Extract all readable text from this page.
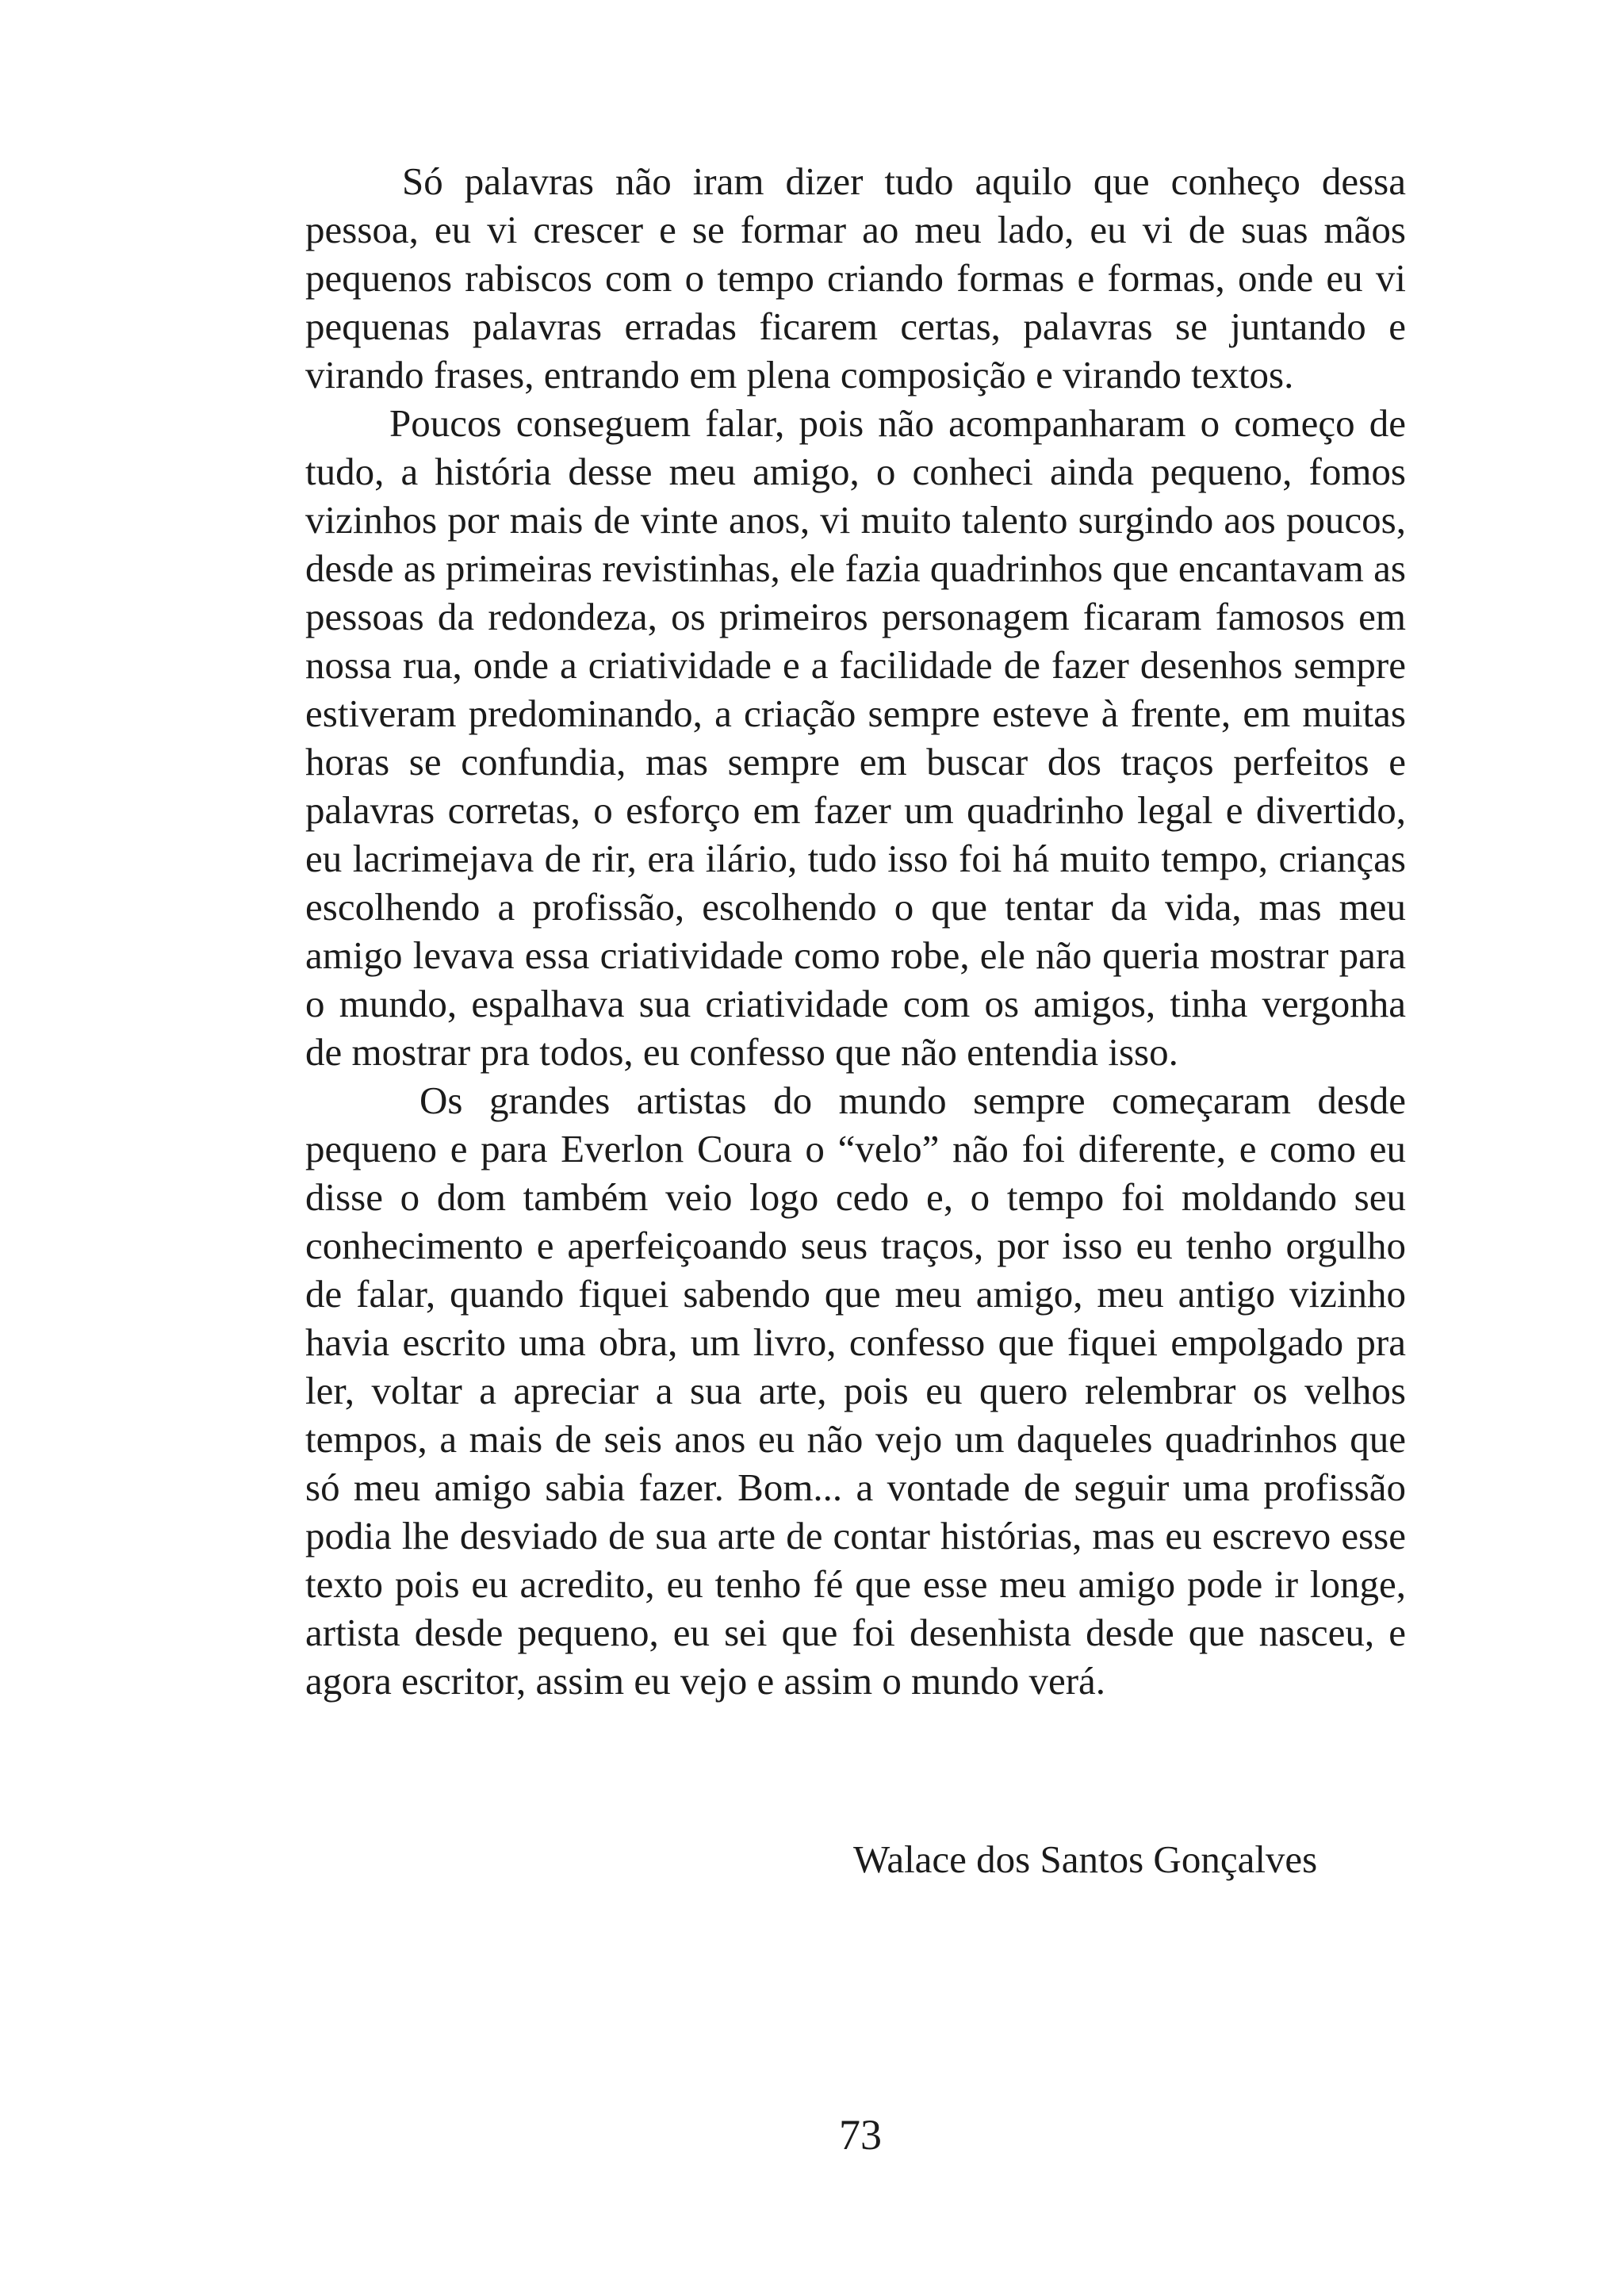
Só palavras não iram dizer tudo aquilo que conheço dessa pessoa, eu vi crescer e se formar ao meu lado, eu vi de suas mãos pequenos rabiscos com o tempo criando formas e formas, onde eu vi pequenas palavras erradas ficarem certas, palavras se juntando e virando frases, entrando em plena composição e virando textos.

Poucos conseguem falar, pois não acompanharam o começo de tudo, a história desse meu amigo, o conheci ainda pequeno, fomos vizinhos por mais de vinte anos, vi muito talento surgindo aos poucos, desde as primeiras revistinhas, ele fazia quadrinhos que encantavam as pessoas da redondeza, os primeiros personagem ficaram famosos em nossa rua, onde a criatividade e a facilidade de fazer desenhos sempre estiveram predominando, a criação sempre esteve à frente, em muitas horas se confundia, mas sempre em buscar dos traços perfeitos e palavras corretas, o esforço em fazer um quadrinho legal e divertido, eu lacrimejava de rir, era ilário, tudo isso foi há muito tempo, crianças escolhendo a profissão, escolhendo o que tentar da vida, mas meu amigo levava essa criatividade como robe, ele não queria mostrar para o mundo, espalhava sua criatividade com os amigos, tinha vergonha de mostrar pra todos, eu confesso que não entendia isso.

Os grandes artistas do mundo sempre começaram desde pequeno e para Everlon Coura o “velo” não foi diferente, e como eu disse o dom também veio logo cedo e, o tempo foi moldando seu conhecimento e aperfeiçoando seus traços, por isso eu tenho orgulho de falar, quando fiquei sabendo que meu amigo, meu antigo vizinho havia escrito uma obra, um livro, confesso que fiquei empolgado pra ler, voltar a apreciar a sua arte, pois eu quero relembrar os velhos tempos, a mais de seis anos eu não vejo um daqueles quadrinhos que só meu amigo sabia fazer. Bom... a vontade de seguir uma profissão podia lhe desviado de sua arte de contar histórias, mas eu escrevo esse texto pois eu acredito, eu tenho fé que esse meu amigo pode ir longe, artista desde pequeno, eu sei que foi desenhista desde que nasceu, e agora escritor, assim eu vejo e assim o mundo verá.

Walace dos Santos Gonçalves
73
